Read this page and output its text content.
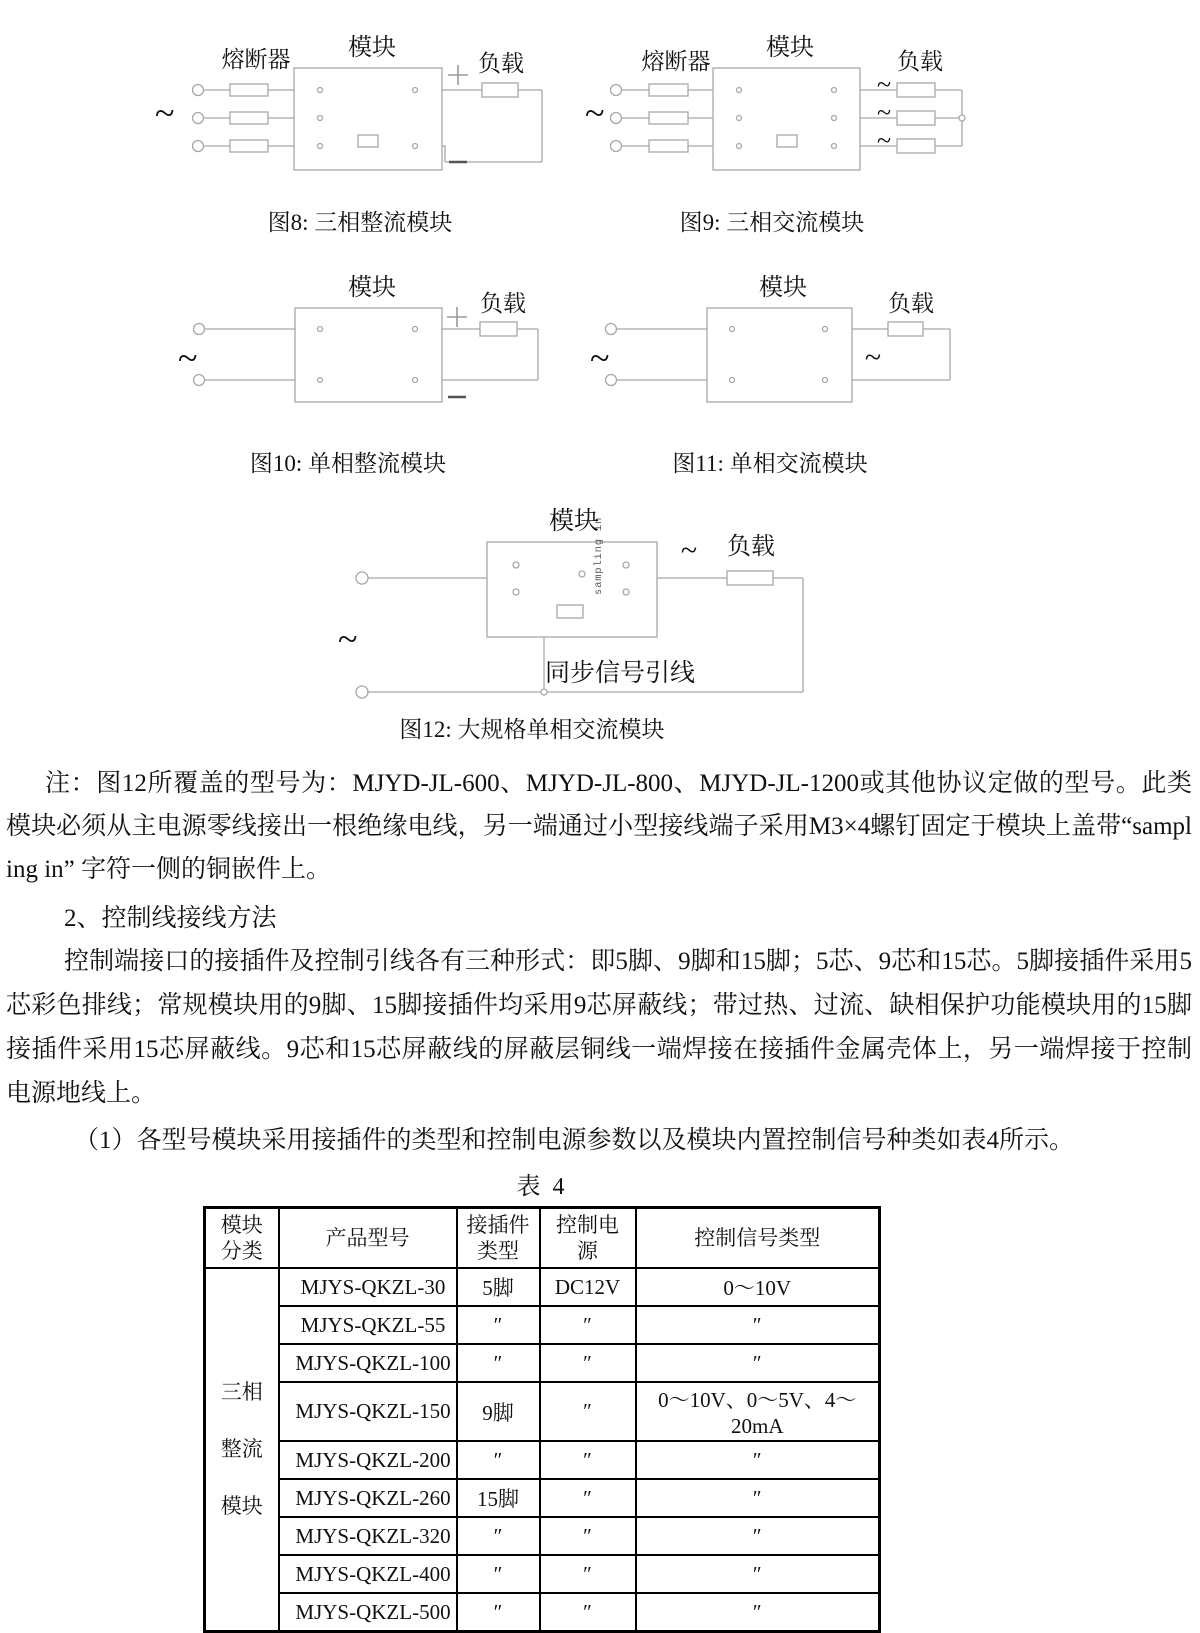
~
熔断器 模块
负载
图8: 三相整流模块
~
~
~
~
熔断器
模块
负载
图9: 三相交流模块
~
模块
负载
图10: 单相整流模块
~	~
模块
负载
图11: 单相交流模块
sampling in
~
~
模块
负载
同步信号引线
图12: 大规格单相交流模块
注：图12所覆盖的型号为：MJYD-JL-600、MJYD-JL-800、MJYD-JL-1200或其他协议定做的型号。此类模块必须从主电源零线接出一根绝缘电线，另一端通过小型接线端子采用M3×4螺钉固定于模块上盖带“sampling in” 字符一侧的铜嵌件上。
2、控制线接线方法
控制端接口的接插件及控制引线各有三种形式：即5脚、9脚和15脚；5芯、9芯和15芯。5脚接插件采用5芯彩色排线；常规模块用的9脚、15脚接插件均采用9芯屏蔽线；带过热、过流、缺相保护功能模块用的15脚接插件采用15芯屏蔽线。9芯和15芯屏蔽线的屏蔽层铜线一端焊接在接插件金属壳体上，另一端焊接于控制电源地线上。
（1）各型号模块采用接插件的类型和控制电源参数以及模块内置控制信号种类如表4所示。
表  4
模块分类	产品型号	接插件类型	控制电源	控制信号类型
三相整流模块	MJYS-QKZL-30	5脚	DC12V	0～10V
	MJYS-QKZL-55	″	″	″
	MJYS-QKZL-100	″	″	″
	MJYS-QKZL-150	9脚	″	0～10V、0～5V、4～20mA
	MJYS-QKZL-200	″	″	″
	MJYS-QKZL-260	15脚	″	″
	MJYS-QKZL-320	″	″	″
	MJYS-QKZL-400	″	″	″
	MJYS-QKZL-500	″	″	″
